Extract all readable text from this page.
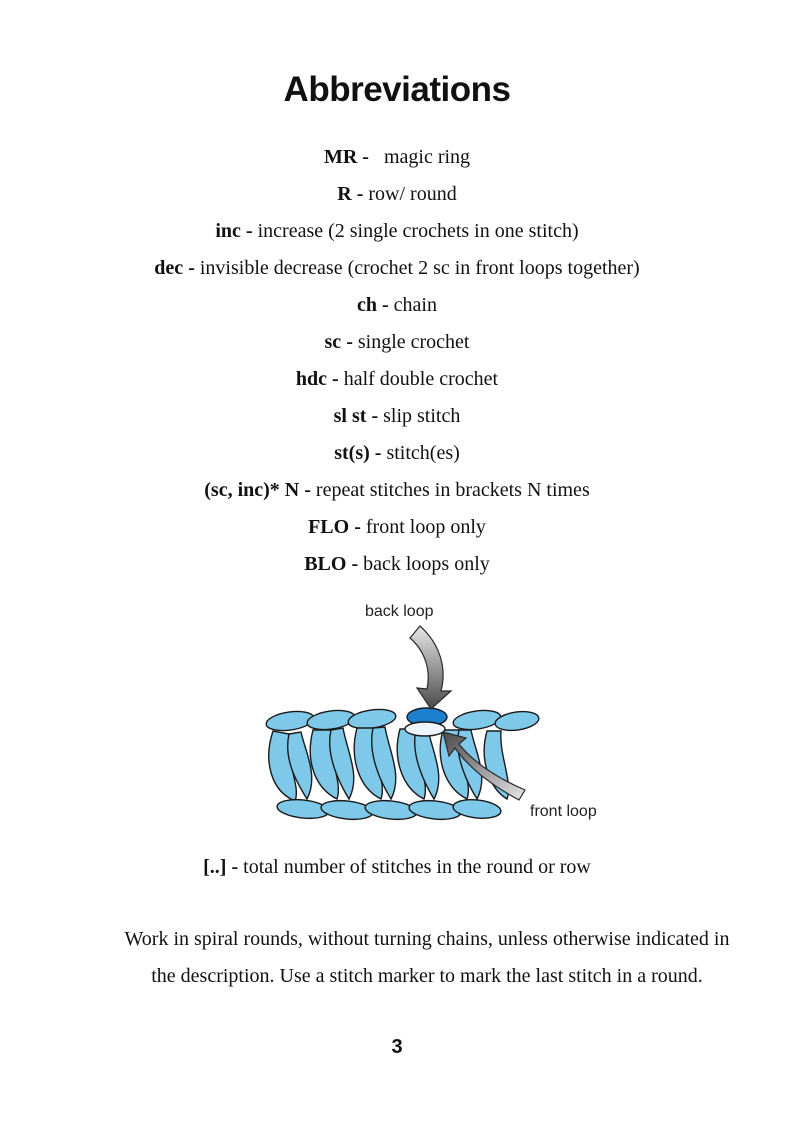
Abbreviations
MR -   magic ring
R - row/ round
inc - increase (2 single crochets in one stitch)
dec - invisible decrease (crochet 2 sc in front loops together)
ch - chain
sc - single crochet
hdc - half double crochet
sl st - slip stitch
st(s) - stitch(es)
(sc, inc)* N - repeat stitches in brackets N times
FLO - front loop only
BLO - back loops only
back loop
front loop
[..] - total number of stitches in the round or row

Work in spiral rounds, without turning chains, unless otherwise indicated in the description. Use a stitch marker to mark the last stitch in a round.

3
